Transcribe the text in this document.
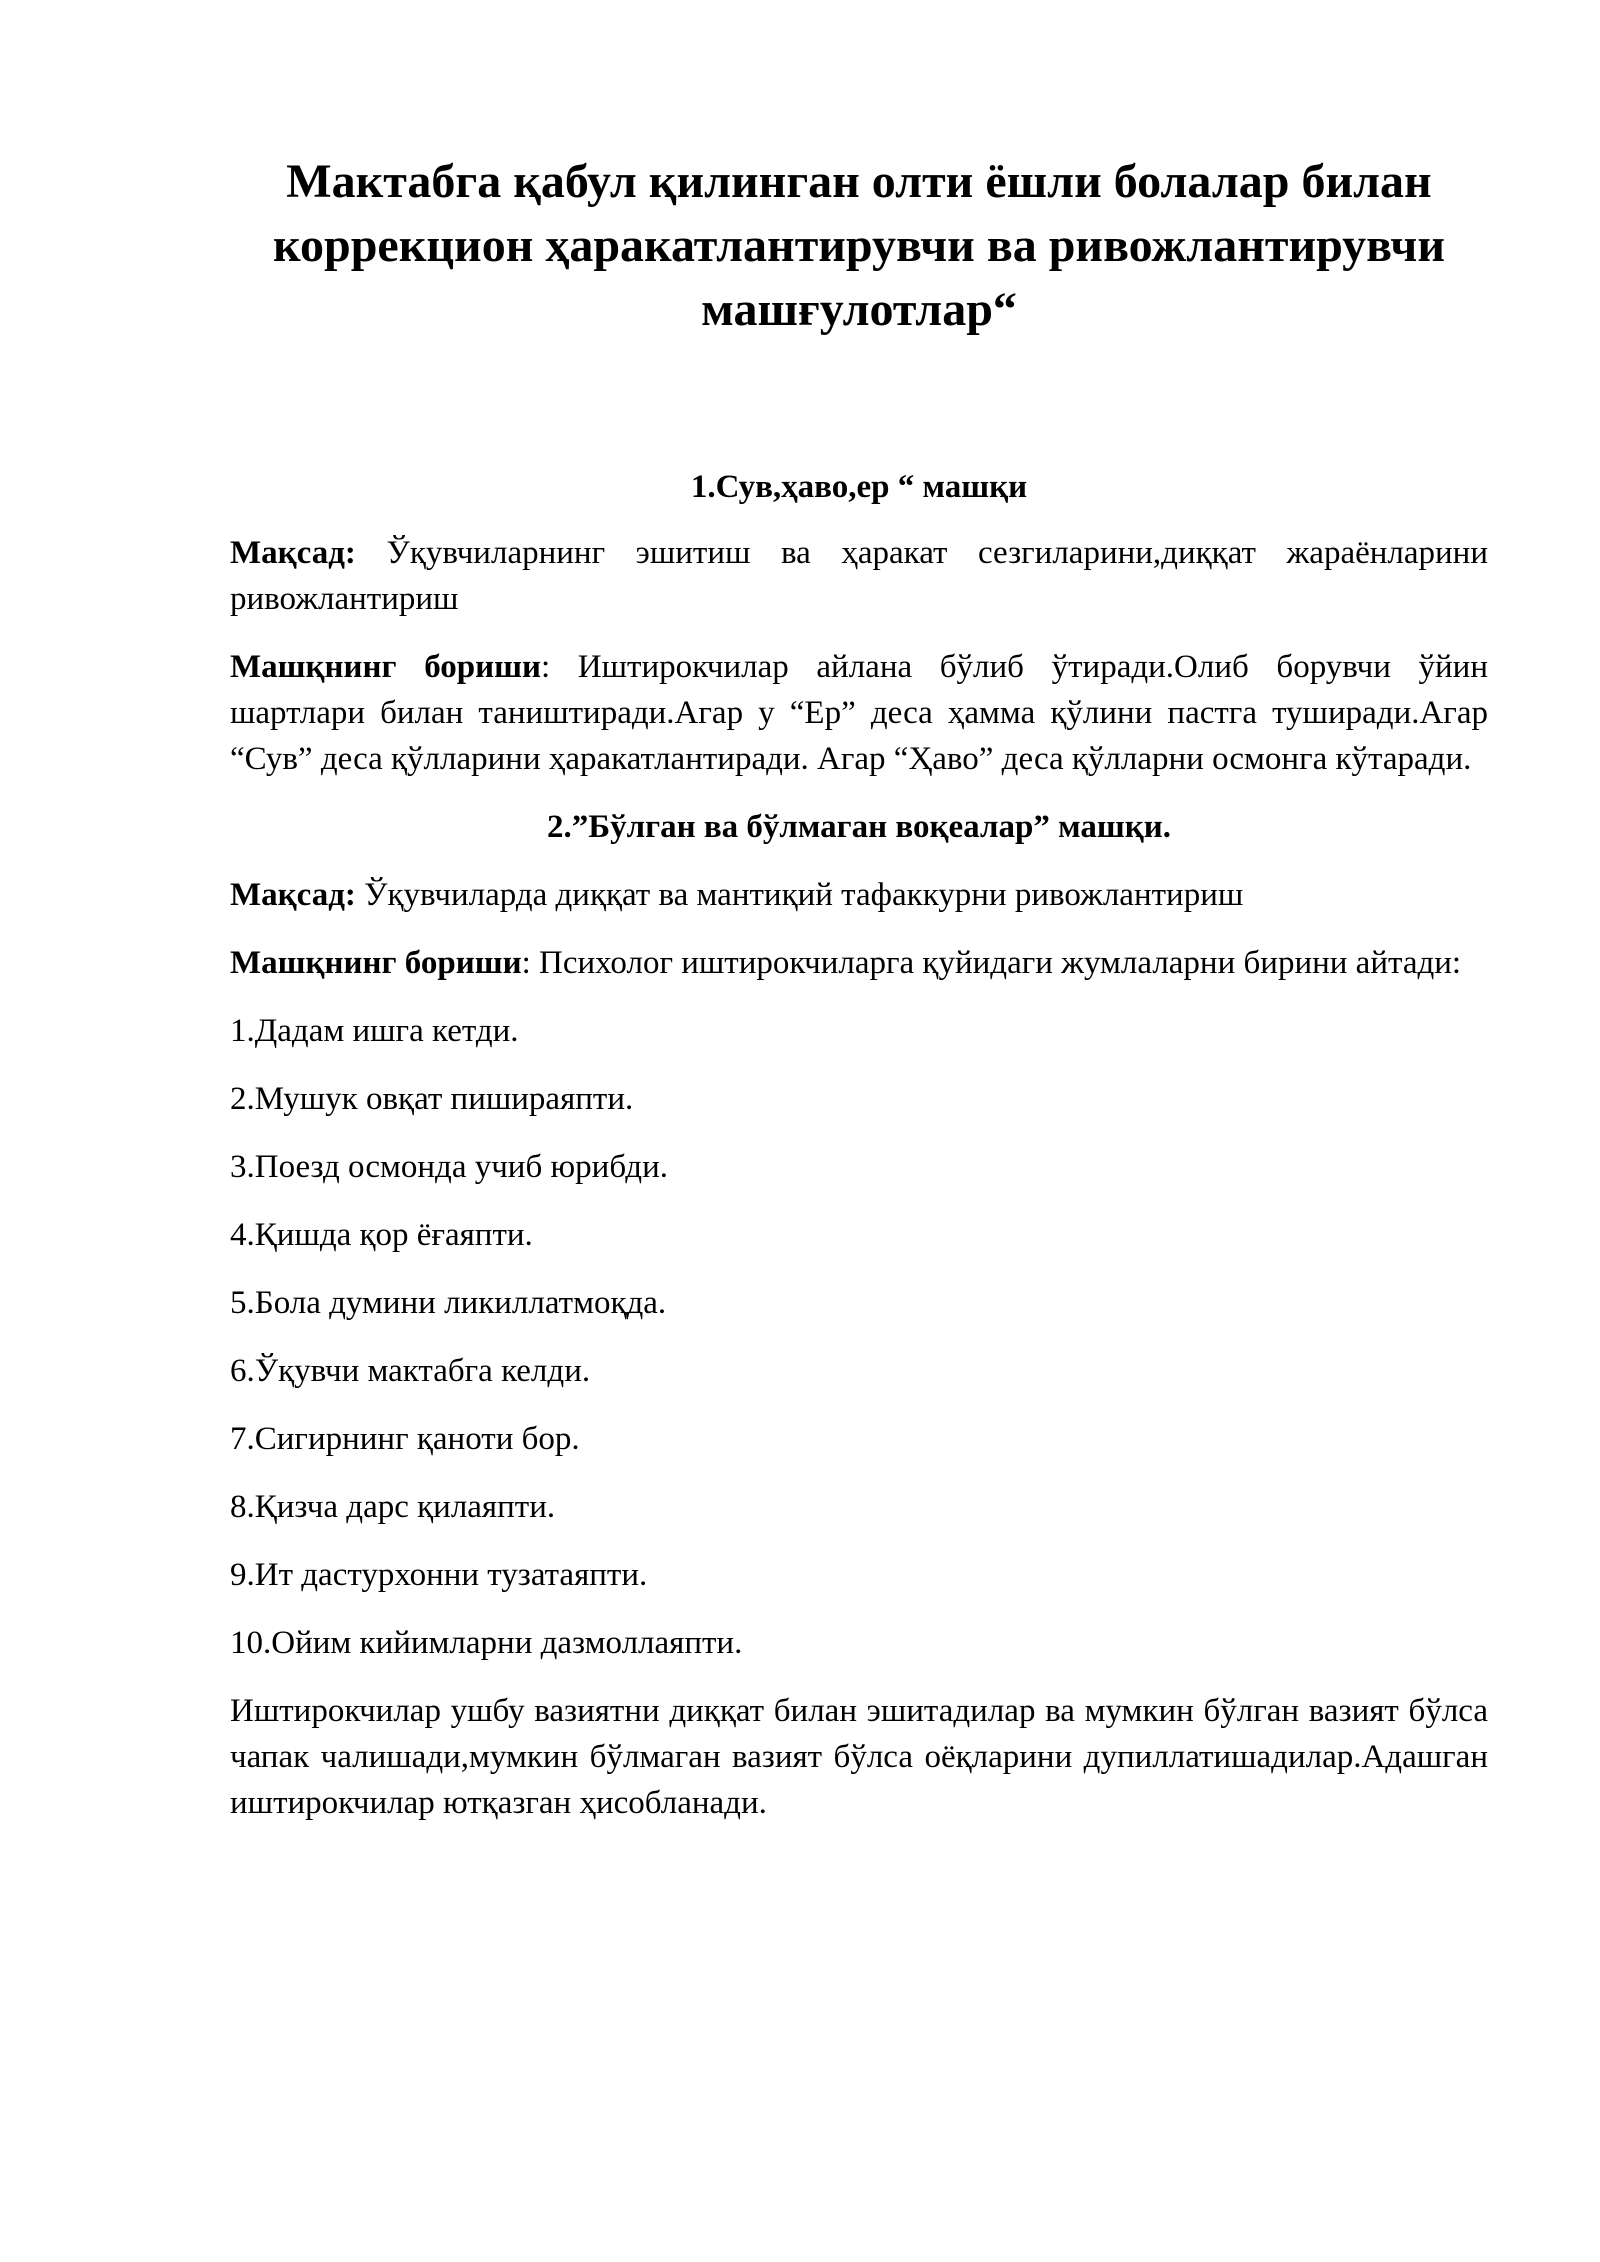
Мактабга қабул қилинган олти ёшли болалар билан коррекцион ҳаракатлантирувчи ва ривожлантирувчи машғулотлар“

1.Сув,ҳаво,ер “ машқи

Мақсад: Ўқувчиларнинг эшитиш ва ҳаракат сезгиларини,диққат жараёнларини ривожлантириш

Машқнинг бориши: Иштирокчилар айлана бўлиб ўтиради.Олиб борувчи ўйин шартлари билан таништиради.Агар у “Ер” деса ҳамма қўлини пастга туширади.Агар “Сув” деса қўлларини ҳаракатлантиради. Агар “Ҳаво” деса қўлларни осмонга кўтаради.

2.”Бўлган ва бўлмаган воқеалар” машқи.

Мақсад: Ўқувчиларда диққат ва мантиқий тафаккурни ривожлантириш

Машқнинг бориши: Психолог иштирокчиларга қуйидаги жумлаларни бирини айтади:

1.Дадам ишга кетди.

2.Мушук овқат пишираяпти.

3.Поезд осмонда учиб юрибди.

4.Қишда қор ёғаяпти.

5.Бола думини ликиллатмоқда.

6.Ўқувчи мактабга келди.

7.Сигирнинг қаноти бор.

8.Қизча дарс қилаяпти.

9.Ит дастурхонни тузатаяпти.

10.Ойим кийимларни дазмоллаяпти.

Иштирокчилар ушбу вазиятни диққат билан эшитадилар ва мумкин бўлган вазият бўлса чапак чалишади,мумкин бўлмаган вазият бўлса оёқларини дупиллатишадилар.Адашган иштирокчилар ютқазган ҳисобланади.
